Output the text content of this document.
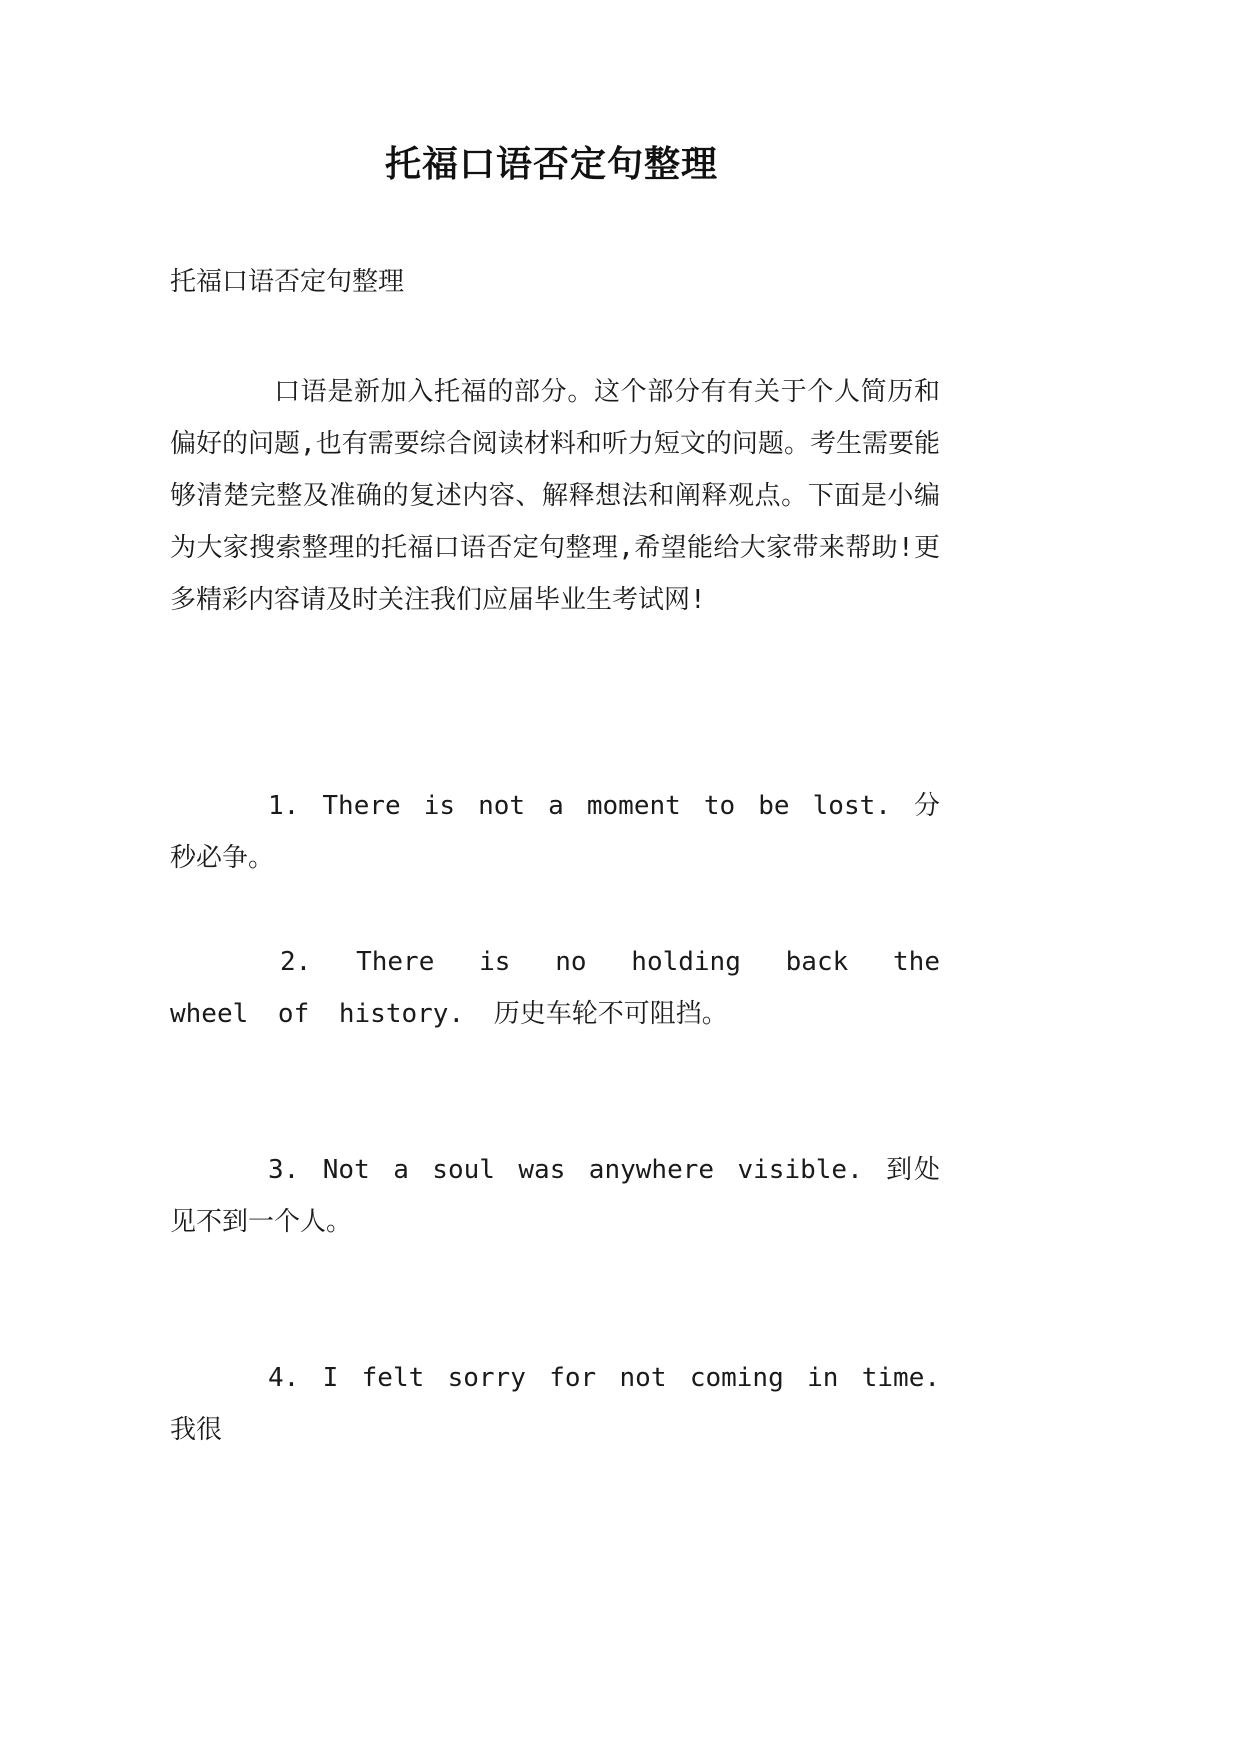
托福口语否定句整理

托福口语否定句整理

口语是新加入托福的部分。这个部分有有关于个人简历和偏好的问题,也有需要综合阅读材料和听力短文的问题。考生需要能够清楚完整及准确的复述内容、解释想法和阐释观点。下面是小编为大家搜索整理的托福口语否定句整理,希望能给大家带来帮助!更多精彩内容请及时关注我们应届毕业生考试网!

1. There is not a moment to be lost. 分秒必争。

2. There is no holding back the wheel of history. 历史车轮不可阻挡。

3. Not a soul was anywhere visible. 到处见不到一个人。

4. I felt sorry for not coming in time. 我很
